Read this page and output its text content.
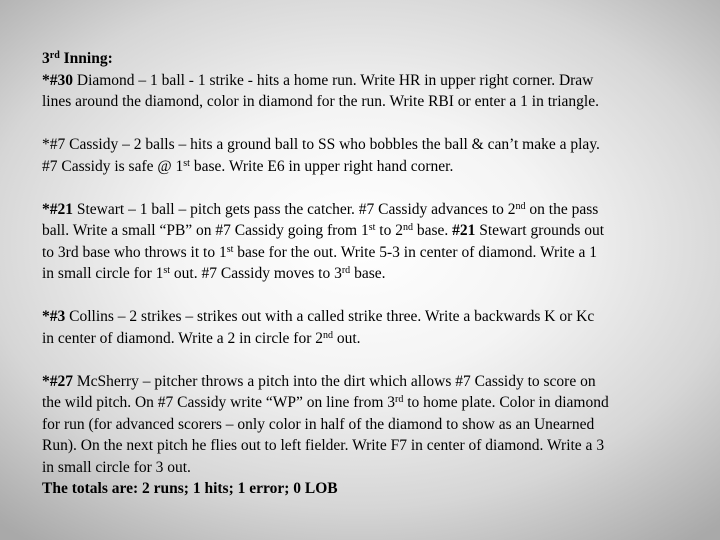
3rd Inning:
*#30 Diamond – 1 ball - 1 strike - hits a home run. Write HR in upper right corner. Draw
lines around the diamond, color in diamond for the run. Write RBI or enter a 1 in triangle.
*#7 Cassidy – 2 balls – hits a ground ball to SS who bobbles the ball & can’t make a play.
#7 Cassidy is safe @ 1st base. Write E6 in upper right hand corner.
*#21 Stewart – 1 ball – pitch gets pass the catcher. #7 Cassidy advances to 2nd on the pass
ball. Write a small “PB” on #7 Cassidy going from 1st to 2nd base. #21 Stewart grounds out
to 3rd base who throws it to 1st base for the out. Write 5-3 in center of diamond. Write a 1
in small circle for 1st out. #7 Cassidy moves to 3rd base.
*#3 Collins – 2 strikes – strikes out with a called strike three. Write a backwards K or Kc
in center of diamond. Write a 2 in circle for 2nd out.
*#27 McSherry – pitcher throws a pitch into the dirt which allows #7 Cassidy to score on
the wild pitch. On #7 Cassidy write “WP” on line from 3rd to home plate. Color in diamond
for run (for advanced scorers – only color in half of the diamond to show as an Unearned
Run). On the next pitch he flies out to left fielder. Write F7 in center of diamond. Write a 3
in small circle for 3 out.
The totals are: 2 runs; 1 hits; 1 error; 0 LOB
